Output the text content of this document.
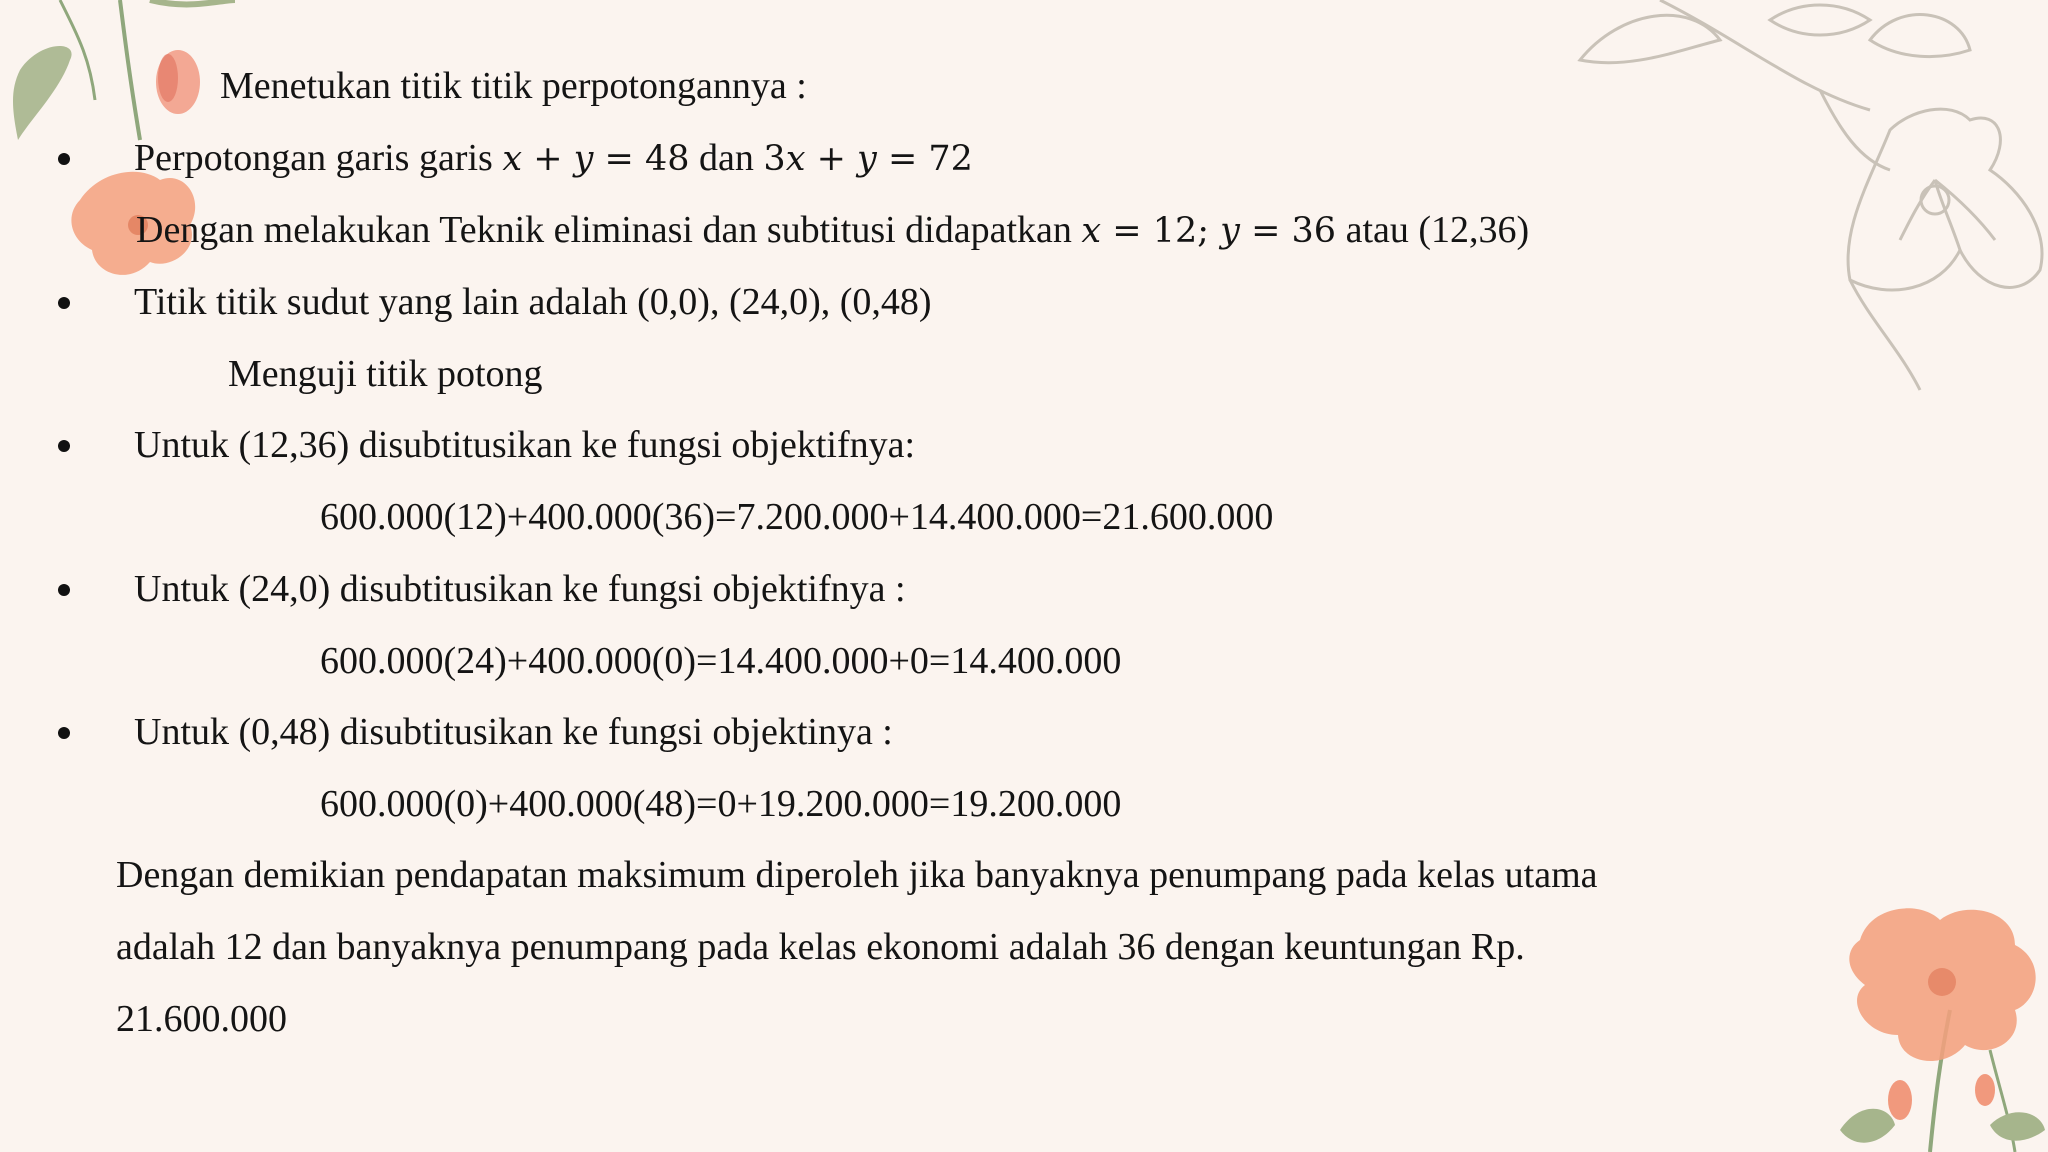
Menetukan titik titik perpotongannya :
Perpotongan garis garis x + y = 48 dan 3x + y = 72
Dengan melakukan Teknik eliminasi dan subtitusi didapatkan x = 12; y = 36 atau (12,36)
Titik titik sudut yang lain adalah (0,0), (24,0), (0,48)
Menguji titik potong
Untuk (12,36) disubtitusikan ke fungsi objektifnya:
600.000(12)+400.000(36)=7.200.000+14.400.000=21.600.000
Untuk (24,0) disubtitusikan ke fungsi objektifnya :
600.000(24)+400.000(0)=14.400.000+0=14.400.000
Untuk (0,48) disubtitusikan ke fungsi objektinya :
600.000(0)+400.000(48)=0+19.200.000=19.200.000
Dengan demikian pendapatan maksimum diperoleh jika banyaknya penumpang pada kelas utama
adalah 12 dan banyaknya penumpang pada kelas ekonomi adalah 36 dengan keuntungan Rp.
21.600.000
